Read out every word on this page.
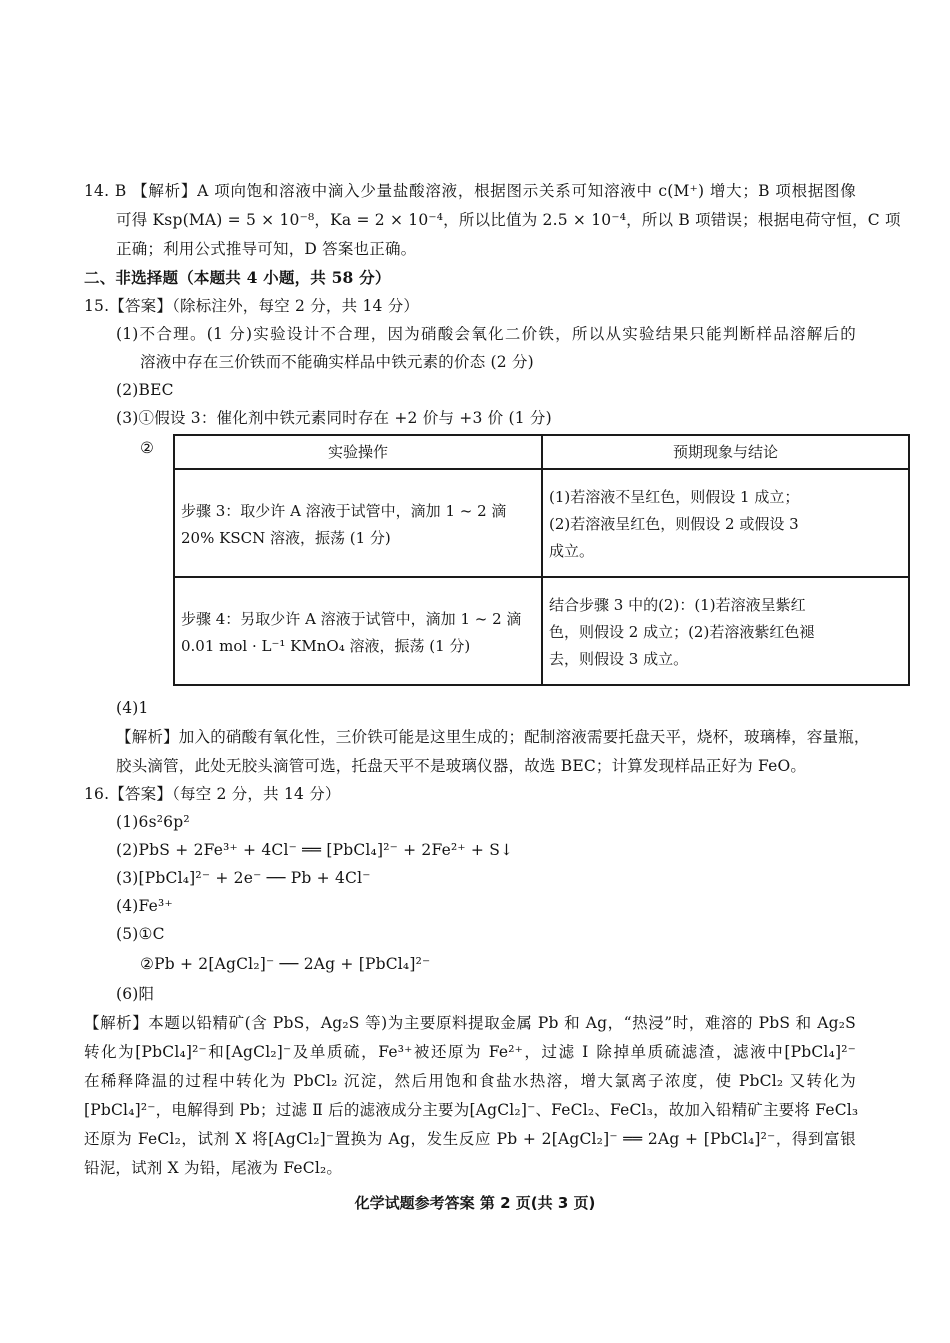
14. B 【解析】A 项向饱和溶液中滴入少量盐酸溶液，根据图示关系可知溶液中 c(M⁺) 增大；B 项根据图像
可得 Ksp(MA) = 5 × 10⁻⁸，Ka = 2 × 10⁻⁴，所以比值为 2.5 × 10⁻⁴，所以 B 项错误；根据电荷守恒，C 项
正确；利用公式推导可知，D 答案也正确。
二、非选择题（本题共 4 小题，共 58 分）
15.【答案】（除标注外，每空 2 分，共 14 分）
(1)不合理。(1 分)实验设计不合理，因为硝酸会氧化二价铁，所以从实验结果只能判断样品溶解后的
溶液中存在三价铁而不能确实样品中铁元素的价态 (2 分)
(2)BEC
(3)①假设 3：催化剂中铁元素同时存在 +2 价与 +3 价 (1 分)
②	实验操作	预期现象与结论
步骤 3：取少许 A 溶液于试管中，滴加 1 ~ 2 滴
20% KSCN 溶液，振荡 (1 分)
(1)若溶液不呈红色，则假设 1 成立；
(2)若溶液呈红色，则假设 2 或假设 3
成立。
步骤 4：另取少许 A 溶液于试管中，滴加 1 ~ 2 滴
0.01 mol · L⁻¹ KMnO₄ 溶液，振荡 (1 分)
结合步骤 3 中的(2)：(1)若溶液呈紫红
色，则假设 2 成立；(2)若溶液紫红色褪
去，则假设 3 成立。
(4)1
【解析】加入的硝酸有氧化性，三价铁可能是这里生成的；配制溶液需要托盘天平，烧杯，玻璃棒，容量瓶，
胶头滴管，此处无胶头滴管可选，托盘天平不是玻璃仪器，故选 BEC；计算发现样品正好为 FeO。
16.【答案】（每空 2 分，共 14 分）
(1)6s²6p²
(2)PbS + 2Fe³⁺ + 4Cl⁻ ══ [PbCl₄]²⁻ + 2Fe²⁺ + S↓
(3)[PbCl₄]²⁻ + 2e⁻ ── Pb + 4Cl⁻
(4)Fe³⁺
(5)①C
②Pb + 2[AgCl₂]⁻ ── 2Ag + [PbCl₄]²⁻
(6)阳
【解析】本题以铅精矿(含 PbS，Ag₂S 等)为主要原料提取金属 Pb 和 Ag，“热浸”时，难溶的 PbS 和 Ag₂S
转化为[PbCl₄]²⁻和[AgCl₂]⁻及单质硫，Fe³⁺被还原为 Fe²⁺，过滤 Ⅰ 除掉单质硫滤渣，滤液中[PbCl₄]²⁻
在稀释降温的过程中转化为 PbCl₂ 沉淀，然后用饱和食盐水热溶，增大氯离子浓度，使 PbCl₂ 又转化为
[PbCl₄]²⁻，电解得到 Pb；过滤 Ⅱ 后的滤液成分主要为[AgCl₂]⁻、FeCl₂、FeCl₃，故加入铅精矿主要将 FeCl₃
还原为 FeCl₂，试剂 X 将[AgCl₂]⁻置换为 Ag，发生反应 Pb + 2[AgCl₂]⁻ ══ 2Ag + [PbCl₄]²⁻，得到富银
铅泥，试剂 X 为铅，尾液为 FeCl₂。
化学试题参考答案 第 2 页(共 3 页)
